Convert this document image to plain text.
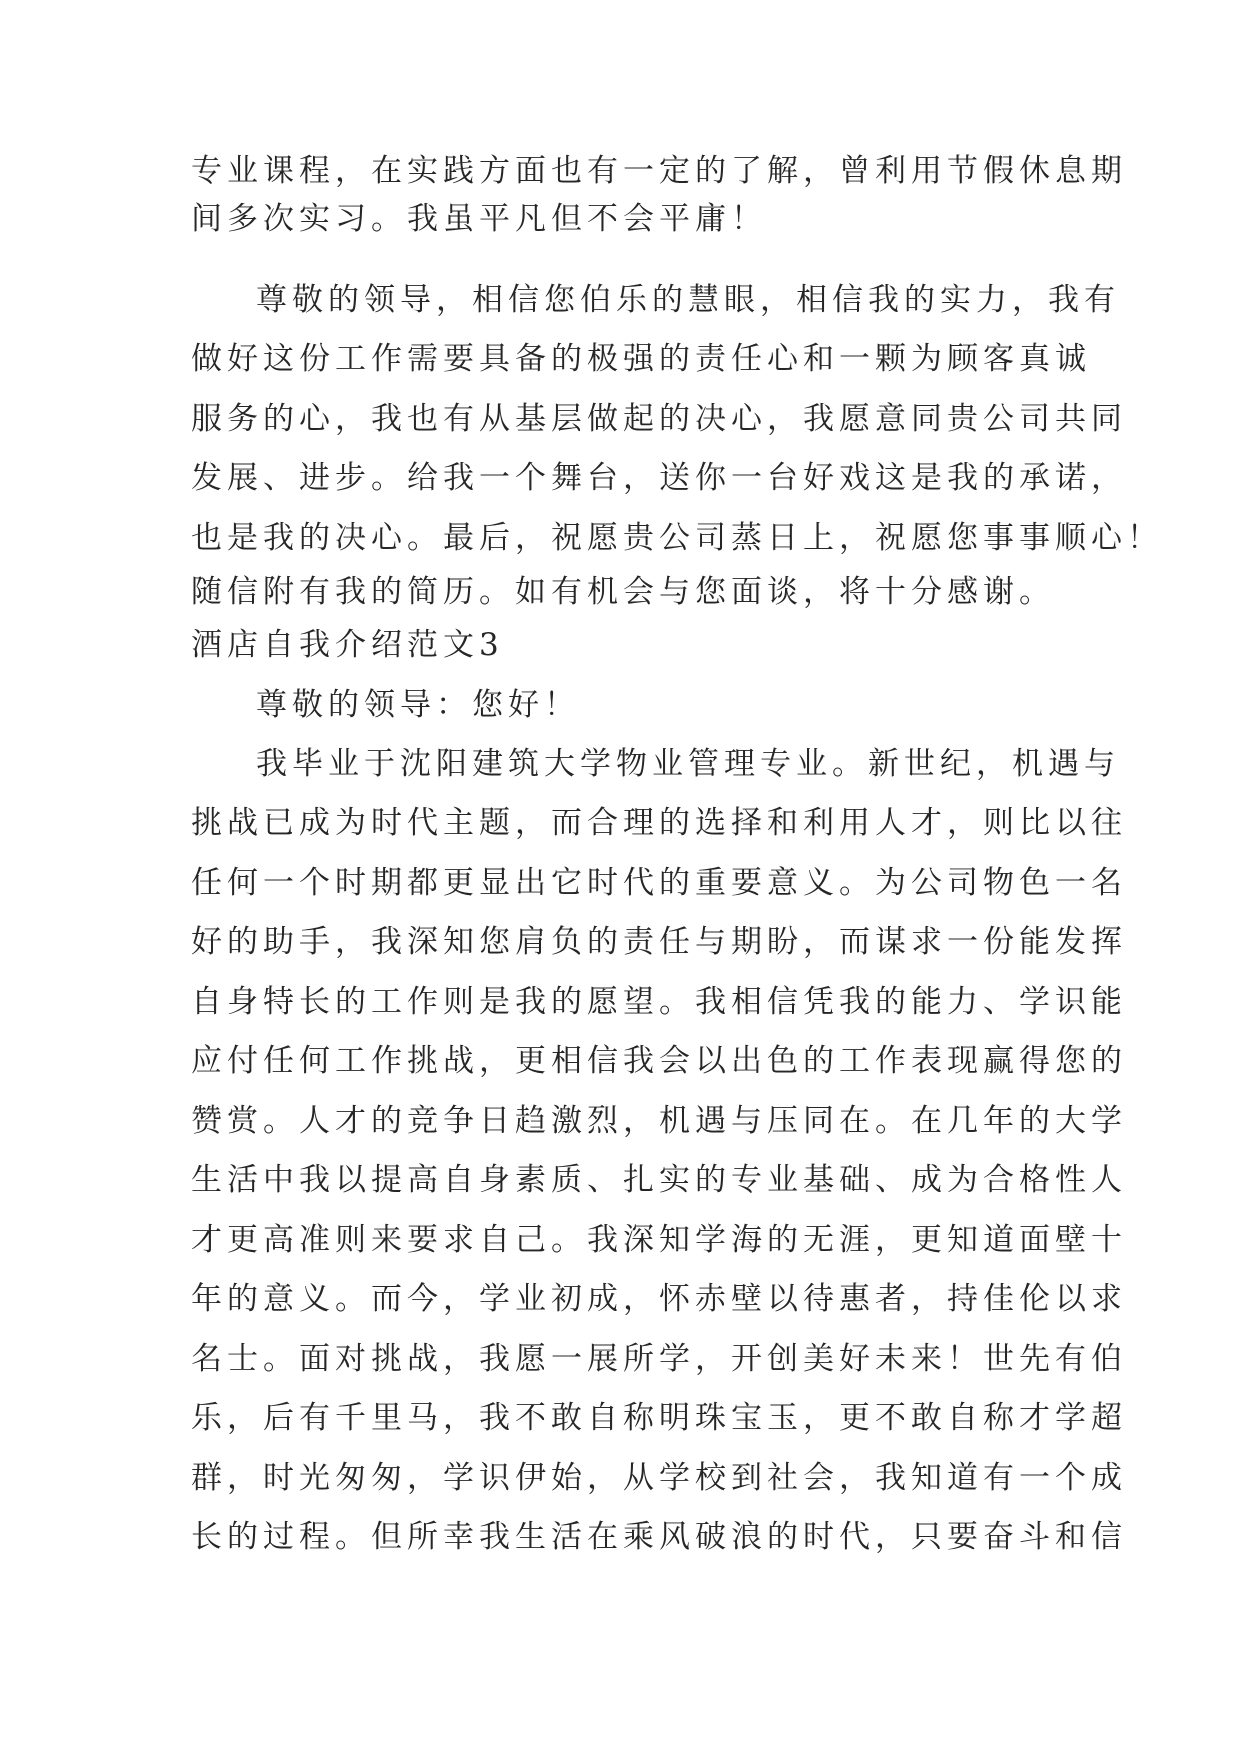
专业课程，在实践方面也有一定的了解，曾利用节假休息期
间多次实习。我虽平凡但不会平庸！
尊敬的领导，相信您伯乐的慧眼，相信我的实力，我有
做好这份工作需要具备的极强的责任心和一颗为顾客真诚
服务的心，我也有从基层做起的决心，我愿意同贵公司共同
发展、进步。给我一个舞台，送你一台好戏这是我的承诺，
也是我的决心。最后，祝愿贵公司蒸日上，祝愿您事事顺心！
随信附有我的简历。如有机会与您面谈，将十分感谢。
酒店自我介绍范文3
尊敬的领导：您好！
我毕业于沈阳建筑大学物业管理专业。新世纪，机遇与
挑战已成为时代主题，而合理的选择和利用人才，则比以往
任何一个时期都更显出它时代的重要意义。为公司物色一名
好的助手，我深知您肩负的责任与期盼，而谋求一份能发挥
自身特长的工作则是我的愿望。我相信凭我的能力、学识能
应付任何工作挑战，更相信我会以出色的工作表现赢得您的
赞赏。人才的竞争日趋激烈，机遇与压同在。在几年的大学
生活中我以提高自身素质、扎实的专业基础、成为合格性人
才更高准则来要求自己。我深知学海的无涯，更知道面壁十
年的意义。而今，学业初成，怀赤壁以待惠者，持佳伦以求
名士。面对挑战，我愿一展所学，开创美好未来！世先有伯
乐，后有千里马，我不敢自称明珠宝玉，更不敢自称才学超
群，时光匆匆，学识伊始，从学校到社会，我知道有一个成
长的过程。但所幸我生活在乘风破浪的时代，只要奋斗和信
